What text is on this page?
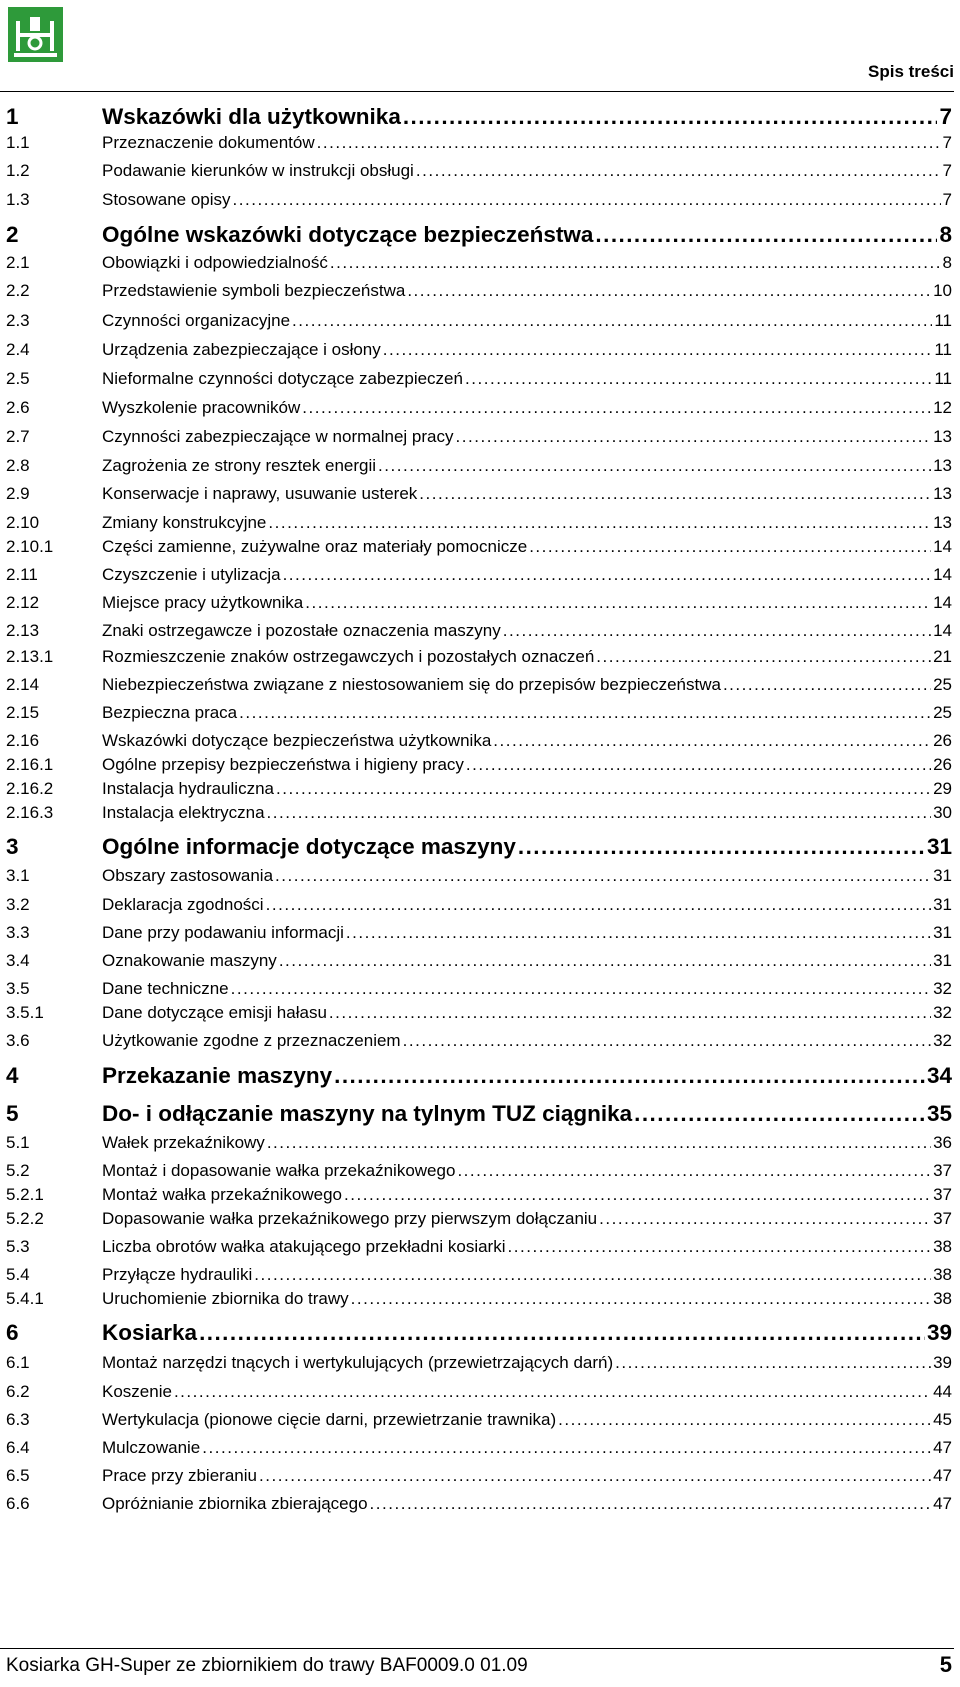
Spis treści
1	Wskazówki dla użytkownika . . .	7
1.1	Przeznaczenie dokumentów . . .	7
1.2	Podawanie kierunków w instrukcji obsługi . . .	7
1.3	Stosowane opisy . . .	7
2	Ogólne wskazówki dotyczące bezpieczeństwa . . .	8
2.1	Obowiązki i odpowiedzialność . . .	8
2.2	Przedstawienie symboli bezpieczeństwa . . .	10
2.3	Czynności organizacyjne . . .	11
2.4	Urządzenia zabezpieczające i osłony . . .	11
2.5	Nieformalne czynności dotyczące zabezpieczeń . . .	11
2.6	Wyszkolenie pracowników . . .	12
2.7	Czynności zabezpieczające w normalnej pracy . . .	13
2.8	Zagrożenia ze strony resztek energii . . .	13
2.9	Konserwacje i naprawy, usuwanie usterek . . .	13
2.10	Zmiany konstrukcyjne . . .	13
2.10.1	Części zamienne, zużywalne oraz materiały pomocnicze . . .	14
2.11	Czyszczenie i utylizacja . . .	14
2.12	Miejsce pracy użytkownika . . .	14
2.13	Znaki ostrzegawcze i pozostałe oznaczenia maszyny . . .	14
2.13.1	Rozmieszczenie znaków ostrzegawczych i pozostałych oznaczeń . . .	21
2.14	Niebezpieczeństwa związane z niestosowaniem się do przepisów bezpieczeństwa . . .	25
2.15	Bezpieczna praca . . .	25
2.16	Wskazówki dotyczące bezpieczeństwa użytkownika . . .	26
2.16.1	Ogólne przepisy bezpieczeństwa i higieny pracy . . .	26
2.16.2	Instalacja hydrauliczna . . .	29
2.16.3	Instalacja elektryczna . . .	30
3	Ogólne informacje dotyczące maszyny . . .	31
3.1	Obszary zastosowania . . .	31
3.2	Deklaracja zgodności . . .	31
3.3	Dane przy podawaniu informacji . . .	31
3.4	Oznakowanie maszyny . . .	31
3.5	Dane techniczne . . .	32
3.5.1	Dane dotyczące emisji hałasu . . .	32
3.6	Użytkowanie zgodne z przeznaczeniem . . .	32
4	Przekazanie maszyny . . .	34
5	Do- i odłączanie maszyny na tylnym TUZ ciągnika . . .	35
5.1	Wałek przekaźnikowy . . .	36
5.2	Montaż i dopasowanie wałka przekaźnikowego . . .	37
5.2.1	Montaż wałka przekaźnikowego . . .	37
5.2.2	Dopasowanie wałka przekaźnikowego przy pierwszym dołączaniu . . .	37
5.3	Liczba obrotów wałka atakującego przekładni kosiarki . . .	38
5.4	Przyłącze hydrauliki . . .	38
5.4.1	Uruchomienie zbiornika do trawy . . .	38
6	Kosiarka . . .	39
6.1	Montaż narzędzi tnących i wertykulujących (przewietrzających darń) . . .	39
6.2	Koszenie . . .	44
6.3	Wertykulacja (pionowe cięcie darni, przewietrzanie trawnika) . . .	45
6.4	Mulczowanie . . .	47
6.5	Prace przy zbieraniu . . .	47
6.6	Opróżnianie zbiornika zbierającego . . .	47
Kosiarka GH-Super ze zbiornikiem do trawy BAF0009.0 01.09	5
